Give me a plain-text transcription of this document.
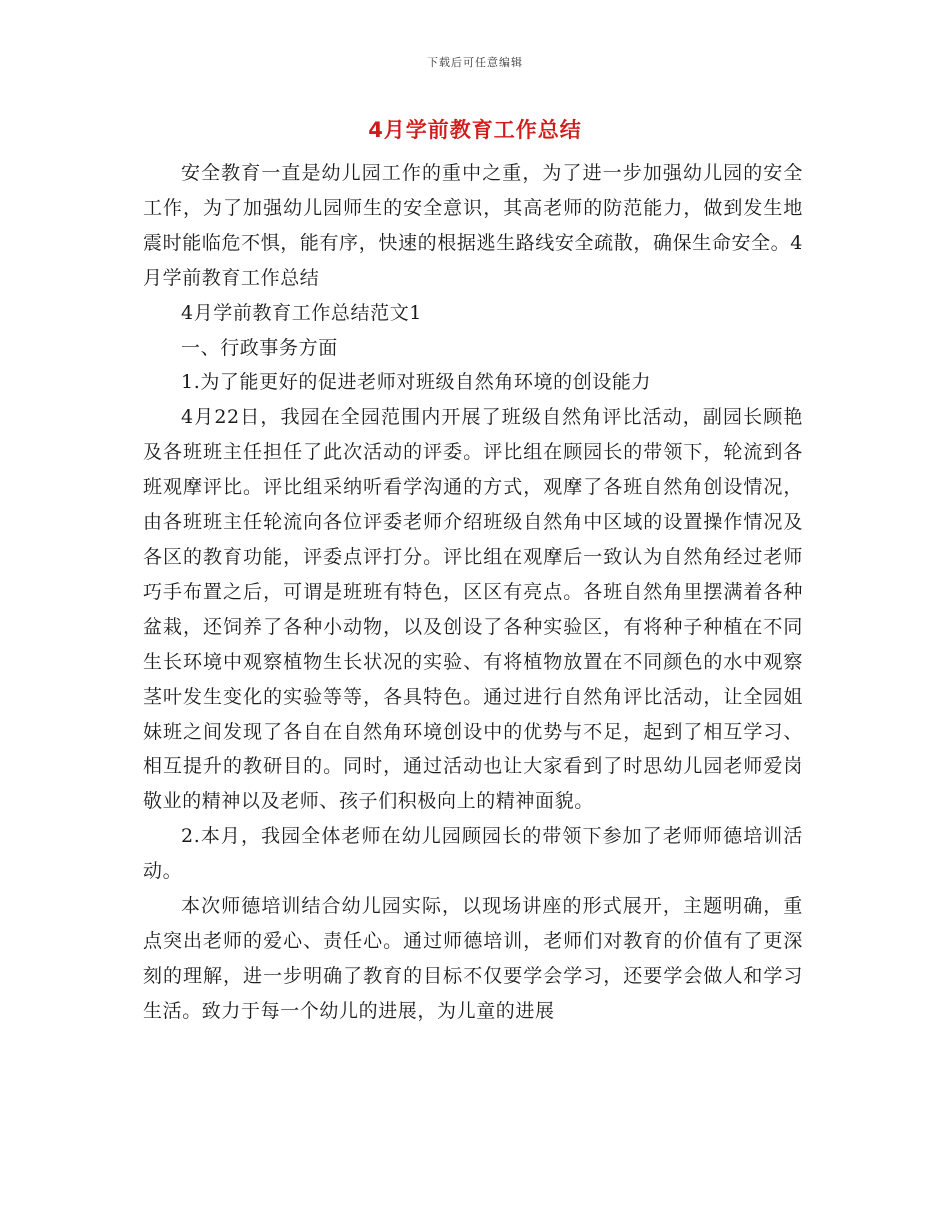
下载后可任意编辑
4月学前教育工作总结

安全教育一直是幼儿园工作的重中之重，为了进一步加强幼儿园的安全工作，为了加强幼儿园师生的安全意识，其高老师的防范能力，做到发生地震时能临危不惧，能有序，快速的根据逃生路线安全疏散，确保生命安全。4月学前教育工作总结

4月学前教育工作总结范文1

一、行政事务方面

1.为了能更好的促进老师对班级自然角环境的创设能力

4月22日，我园在全园范围内开展了班级自然角评比活动，副园长顾艳及各班班主任担任了此次活动的评委。评比组在顾园长的带领下，轮流到各班观摩评比。评比组采纳听看学沟通的方式，观摩了各班自然角创设情况，由各班班主任轮流向各位评委老师介绍班级自然角中区域的设置操作情况及各区的教育功能，评委点评打分。评比组在观摩后一致认为自然角经过老师巧手布置之后，可谓是班班有特色，区区有亮点。各班自然角里摆满着各种盆栽，还饲养了各种小动物，以及创设了各种实验区，有将种子种植在不同生长环境中观察植物生长状况的实验、有将植物放置在不同颜色的水中观察茎叶发生变化的实验等等，各具特色。通过进行自然角评比活动，让全园姐妹班之间发现了各自在自然角环境创设中的优势与不足，起到了相互学习、相互提升的教研目的。同时，通过活动也让大家看到了时思幼儿园老师爱岗敬业的精神以及老师、孩子们积极向上的精神面貌。

2.本月，我园全体老师在幼儿园顾园长的带领下参加了老师师德培训活动。

本次师德培训结合幼儿园实际，以现场讲座的形式展开，主题明确，重点突出老师的爱心、责任心。通过师德培训，老师们对教育的价值有了更深刻的理解，进一步明确了教育的目标不仅要学会学习，还要学会做人和学习生活。致力于每一个幼儿的进展，为儿童的进展
